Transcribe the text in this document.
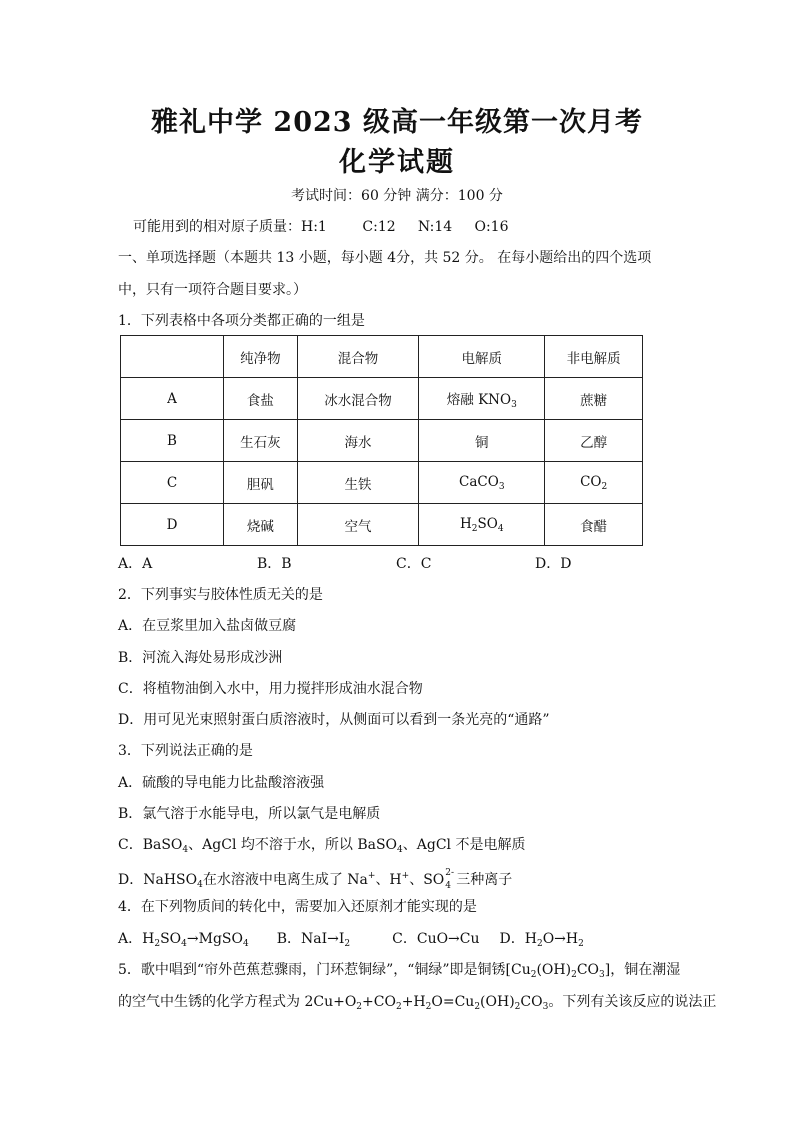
雅礼中学 2023 级高一年级第一次月考
化学试题
考试时间：60 分钟 满分：100 分
可能用到的相对原子质量：H:1        C:12     N:14     O:16
一、单项选择题（本题共 13 小题，每小题 4分，共 52 分。 在每小题给出的四个选项
中，只有一项符合题目要求。）
1．下列表格中各项分类都正确的一组是
	纯净物	混合物	电解质	非电解质
A	食盐	冰水混合物	熔融 $KNO_3$	蔗糖
B	生石灰	海水	铜	乙醇
C	胆矾	生铁	CaCO$_3$	$CO_2$
D	烧碱	空气	$H_2SO_4$	食醋
A．A	B．B	C．C	D．D
2．下列事实与胶体性质无关的是
A．在豆浆里加入盐卤做豆腐
B．河流入海处易形成沙洲
C．将植物油倒入水中，用力搅拌形成油水混合物
D．用可见光束照射蛋白质溶液时，从侧面可以看到一条光亮的“通路”
3．下列说法正确的是
A．硫酸的导电能力比盐酸溶液强
B．氯气溶于水能导电，所以氯气是电解质
C．BaSO$_4$、AgCl 均不溶于水，所以 BaSO$_4$、AgCl 不是电解质
D．NaHSO$_4$在水溶液中电离生成了 Na+、H+、SO 2-
4 三种离子
4．在下列物质间的转化中，需要加入还原剂才能实现的是
A．$H_2SO_4\to MgSO_4$ B．$NaI\to I_2$	C．CuO→Cu D．$H_2O\to H_2$
5．歌中唱到“帘外芭蕉惹骤雨，门环惹铜绿”，“铜绿”即是铜锈$[Cu_2(OH)_2CO_3]$，铜在潮湿
的空气中生锈的化学方程式为 $2Cu+O_2+CO_2+H_2O=Cu_2(OH)_2CO_3$。下列有关该反应的说法正
